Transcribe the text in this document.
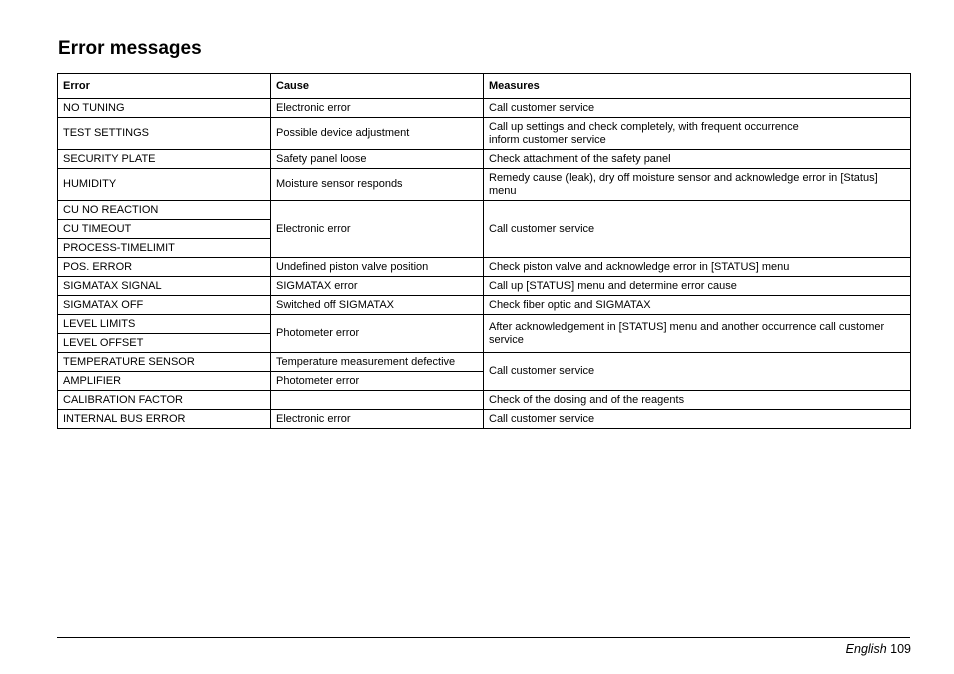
Error messages
Error	Cause	Measures
NO TUNING	Electronic error	Call customer service

TEST SETTINGS	Possible device adjustment	Call up settings and check completely, with frequent occurrence
inform customer service

SECURITY PLATE	Safety panel loose	Check attachment of the safety panel

HUMIDITY	Moisture sensor responds	Remedy cause (leak), dry off moisture sensor and acknowledge error in [Status]
menu

CU NO REACTION	Electronic error	Call customer service

CU TIMEOUT		
PROCESS-TIMELIMIT		
POS. ERROR	Undefined piston valve position	Check piston valve and acknowledge error in [STATUS] menu

SIGMATAX SIGNAL	SIGMATAX error	Call up [STATUS] menu and determine error cause

SIGMATAX OFF	Switched off SIGMATAX	Check fiber optic and SIGMATAX

LEVEL LIMITS	Photometer error	After acknowledgement in [STATUS] menu and another occurrence call customer
service

LEVEL OFFSET		
TEMPERATURE SENSOR	Temperature measurement defective	Call customer service

AMPLIFIER	Photometer error	
CALIBRATION FACTOR		Check of the dosing and of the reagents

INTERNAL BUS ERROR	Electronic error	Call customer service
English 109
